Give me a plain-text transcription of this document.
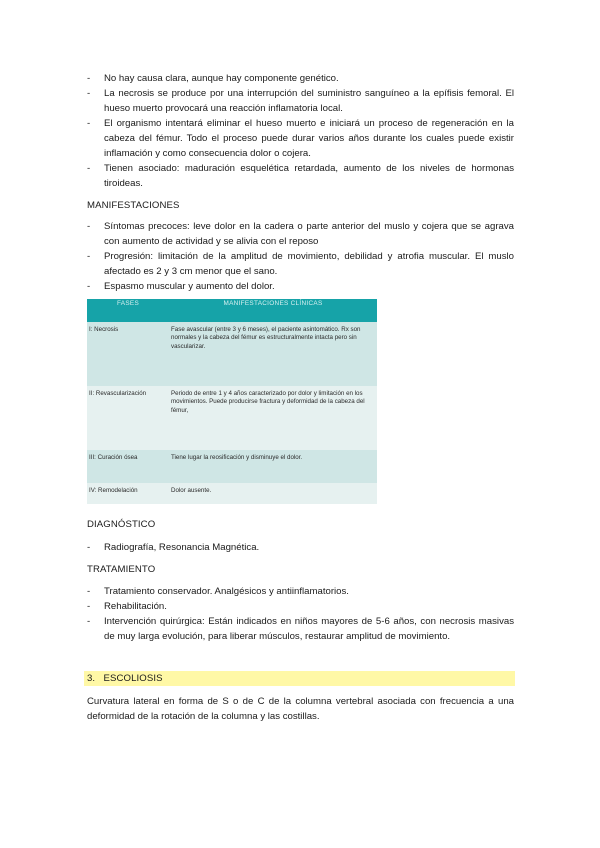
- No hay causa clara, aunque hay componente genético.
- La necrosis se produce por una interrupción del suministro sanguíneo a la epífisis femoral. El hueso muerto provocará una reacción inflamatoria local.
- El organismo intentará eliminar el hueso muerto e iniciará un proceso de regeneración en la cabeza del fémur. Todo el proceso puede durar varios años durante los cuales puede existir inflamación y como consecuencia dolor o cojera.
- Tienen asociado: maduración esquelética retardada, aumento de los niveles de hormonas tiroideas.
MANIFESTACIONES
- Síntomas precoces: leve dolor en la cadera o parte anterior del muslo y cojera que se agrava con aumento de actividad y se alivia con el reposo
- Progresión: limitación de la amplitud de movimiento, debilidad y atrofia muscular. El muslo afectado es 2 y 3 cm menor que el sano.
- Espasmo muscular y aumento del dolor.
FASES	MANIFESTACIONES CLÍNICAS
I: Necrosis	Fase avascular (entre 3 y 6 meses), el paciente asintomático. Rx son normales y la cabeza del fémur es estructuralmente intacta pero sin vascularizar.
II: Revascularización	Periodo de entre 1 y 4 años caracterizado por dolor y limitación en los movimientos. Puede producirse fractura y deformidad de la cabeza del fémur,
III: Curación ósea	Tiene lugar la reosificación y disminuye el dolor.
IV: Remodelación	Dolor ausente.
DIAGNÓSTICO
- Radiografía, Resonancia Magnética.
TRATAMIENTO
- Tratamiento conservador. Analgésicos y antiinflamatorios.
- Rehabilitación.
- Intervención quirúrgica: Están indicados en niños mayores de 5-6 años, con necrosis masivas de muy larga evolución, para liberar músculos, restaurar amplitud de movimiento.
3.   ESCOLIOSIS
Curvatura lateral en forma de S o de C de la columna vertebral asociada con frecuencia a una deformidad de la rotación de la columna y las costillas.
